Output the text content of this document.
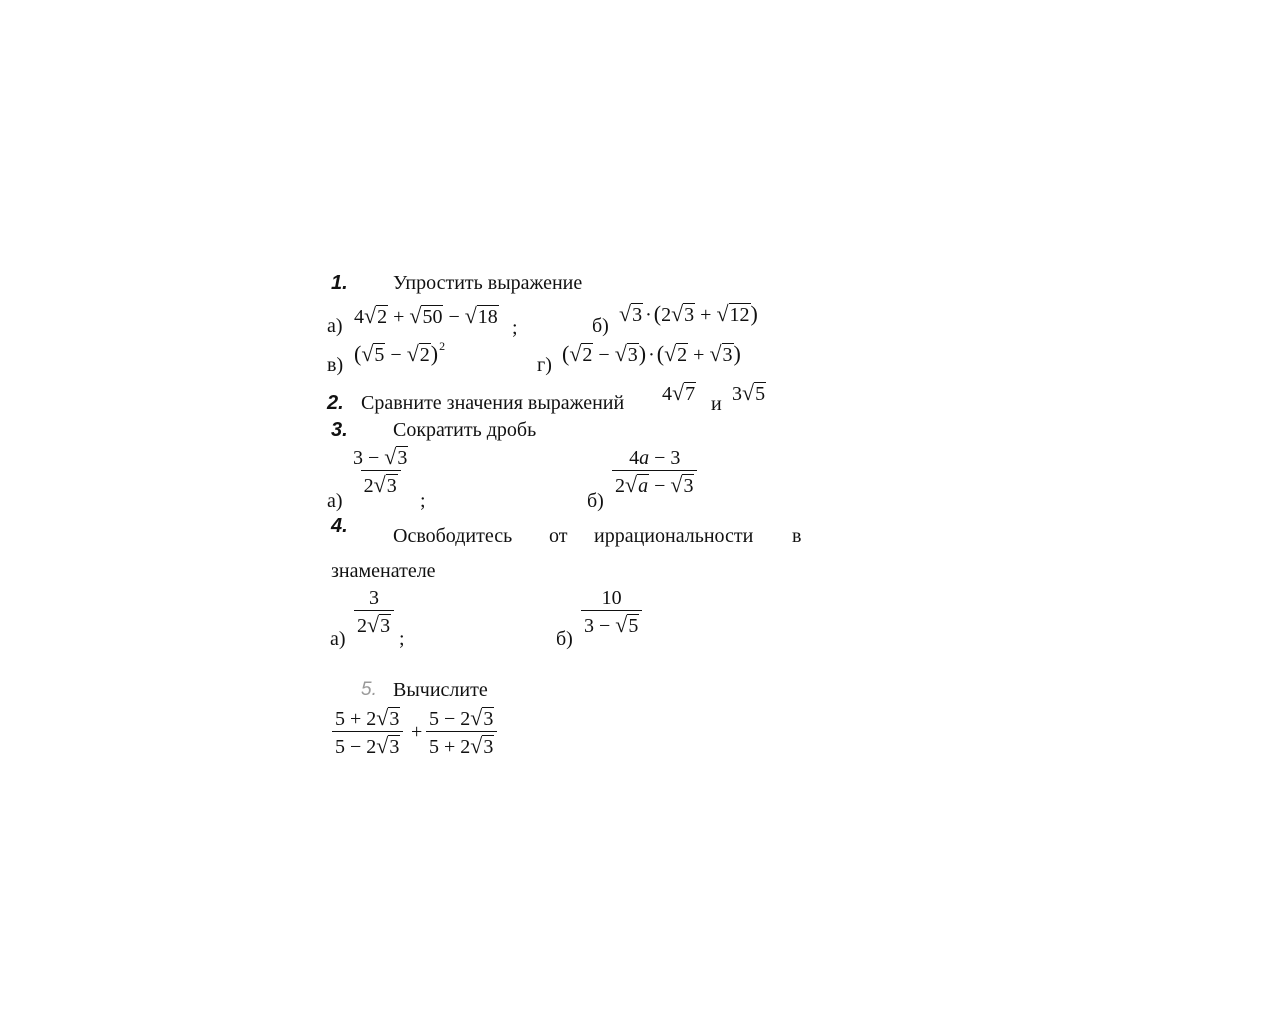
1. Упростить выражение
а) 4 √ 2 + √ 50 − √ 18 ;	б) √ 3 · ( 2 √ 3 + √ 12 )
в) ( √ 5 − √ 2 ) 2
г) ( √ 2 − √ 3 ) · ( √ 2 + √ 3 )
2. Сравните значения выражений 4 √ 7 и 3 √ 5
3. Сократить дробь
$\frac{3 - √ 3}{2 √ 3}$
а)	;	б)
$\frac{4 a - 3}{2 √ a - √ 3}$
4. Освободитесь от иррациональности в
знаменателе
а)
$\frac{3}{2 √ 3}$
;	б)
$\frac{10}{3 - √ 5}$
5. Вычислите
$\frac{5 + 2 √ 3}{5 - 2 √ 3} + \frac{5 - 2 √ 3}{5 + 2 √ 3}$
